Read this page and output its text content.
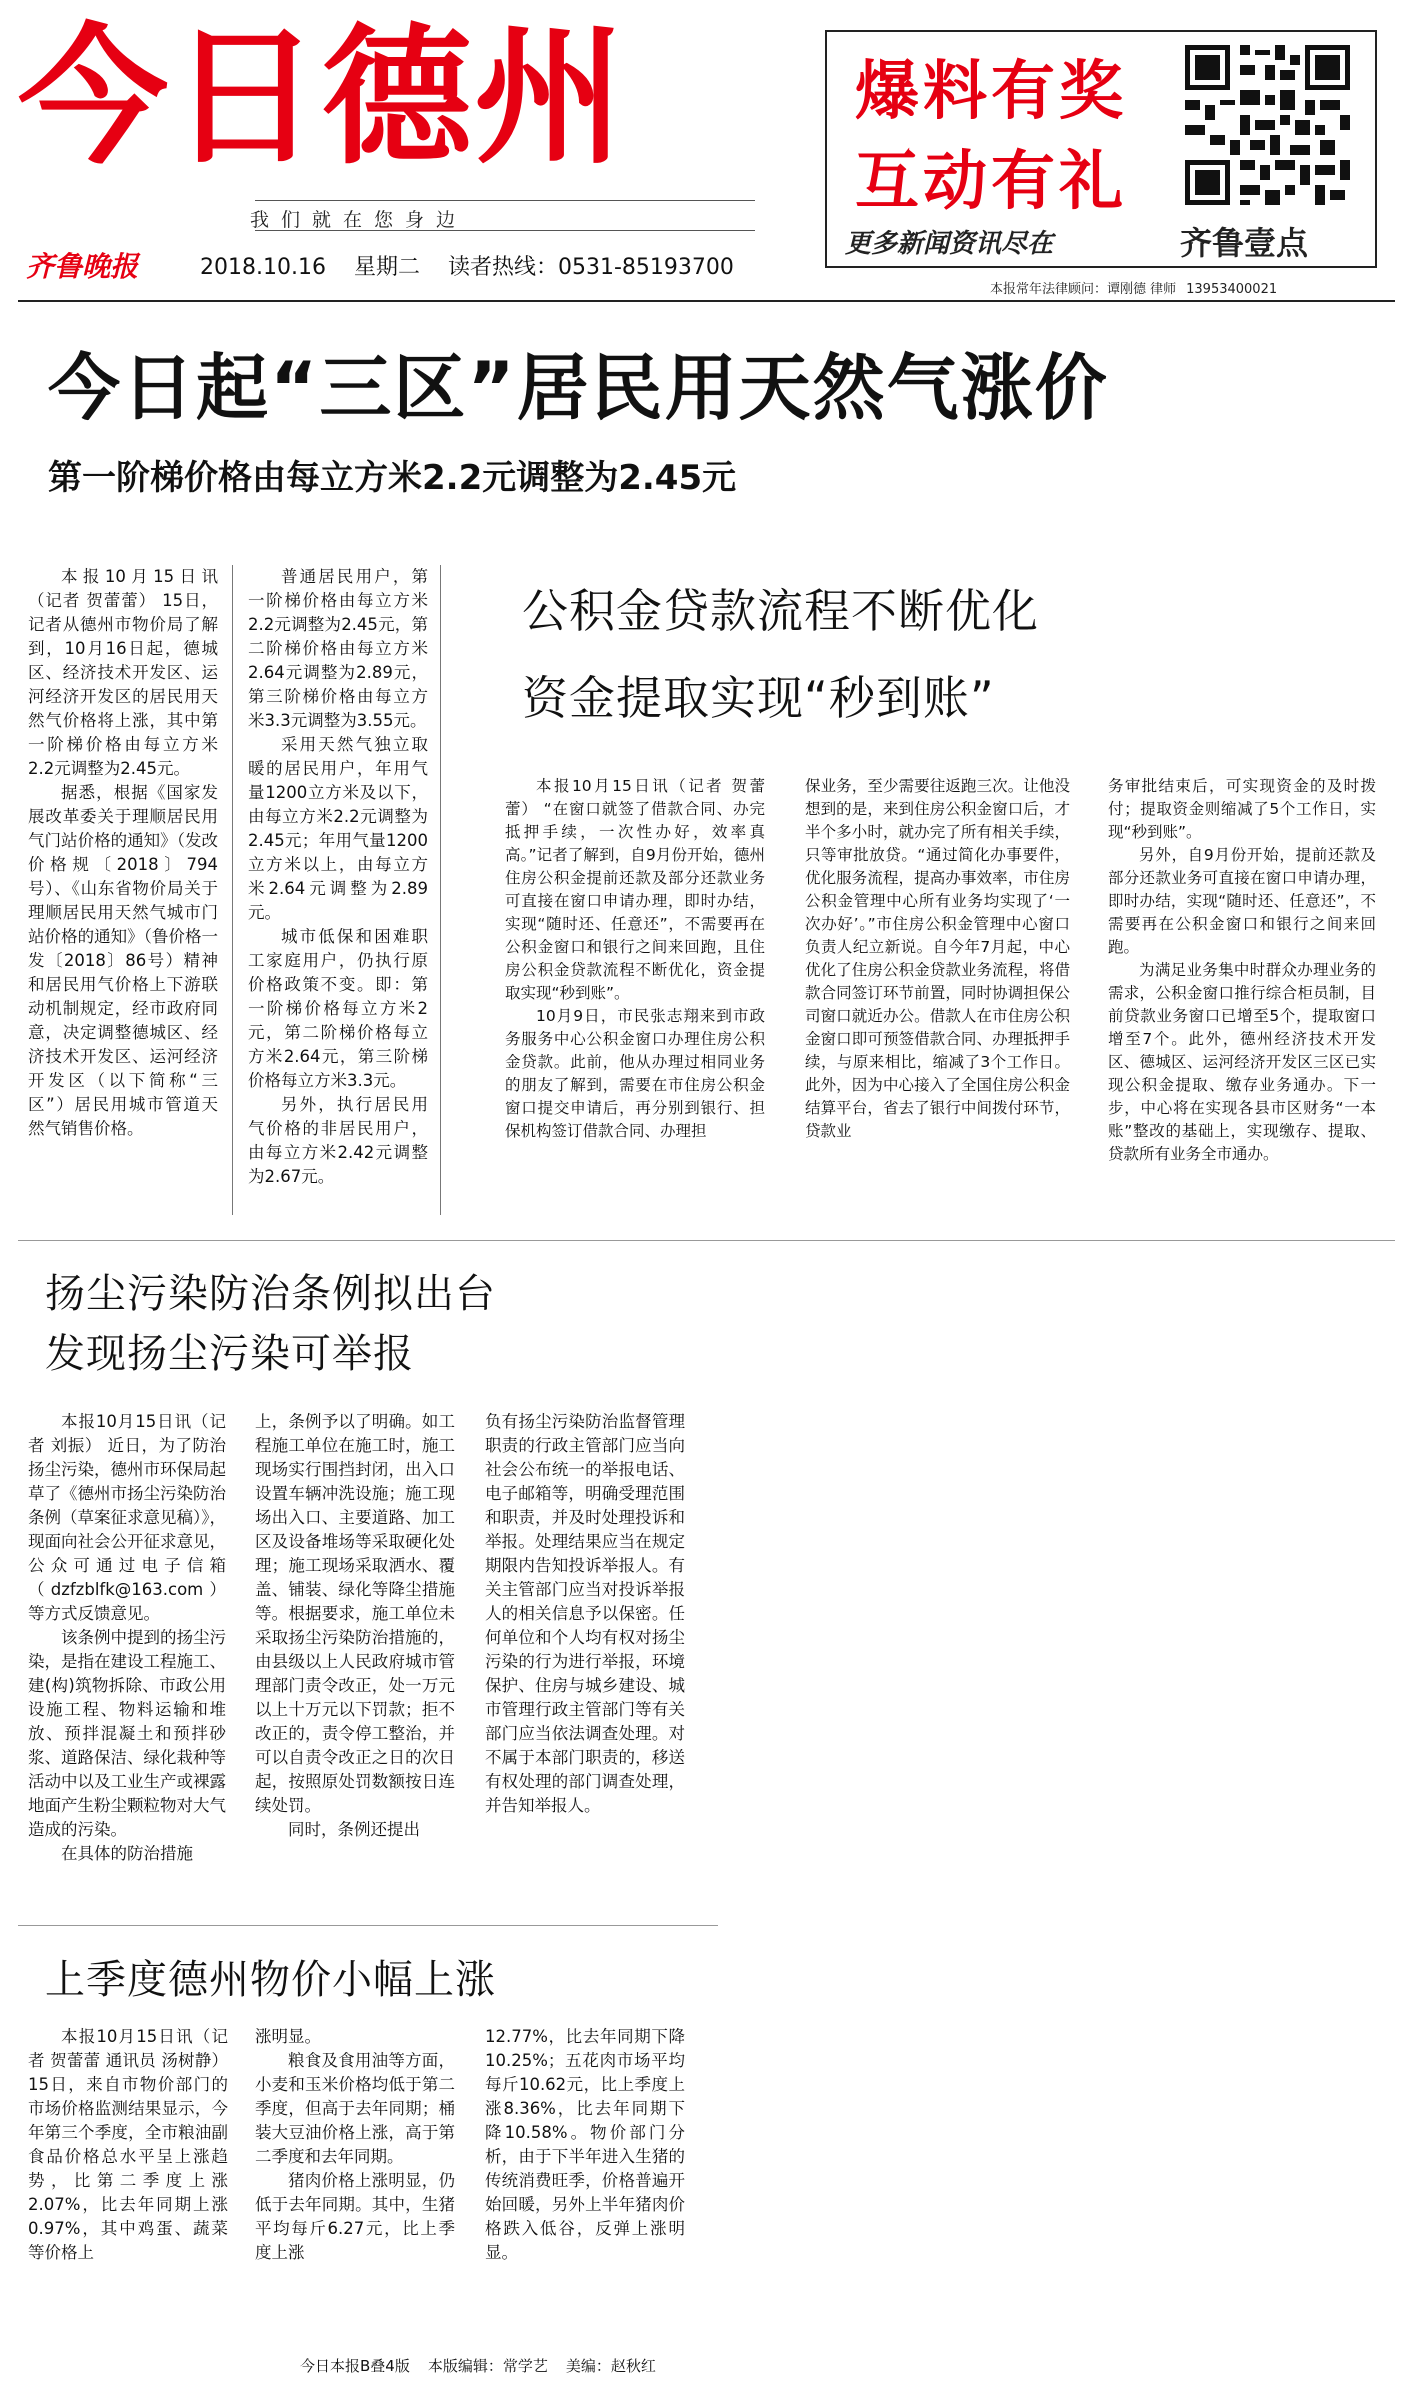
今日德州
我们就在您身边
齐鲁晚报	2018.10.16 星期二 读者热线：0531-85193700
爆料有奖
互动有礼
更多新闻资讯尽在	齐鲁壹点
本报常年法律顾问：谭刚德 律师 13953400021
今日起“三区”居民用天然气涨价
第一阶梯价格由每立方米2.2元调整为2.45元

本报10月15日讯（记者 贺蕾蕾） 15日，记者从德州市物价局了解到，10月16日起，德城区、经济技术开发区、运河经济开发区的居民用天然气价格将上涨，其中第一阶梯价格由每立方米2.2元调整为2.45元。

据悉，根据《国家发展改革委关于理顺居民用气门站价格的通知》（发改价格规〔2018〕794号）、《山东省物价局关于理顺居民用天然气城市门站价格的通知》（鲁价格一发〔2018〕86号）精神和居民用气价格上下游联动机制规定，经市政府同意，决定调整德城区、经济技术开发区、运河经济开发区（以下简称“三区”）居民用城市管道天然气销售价格。

普通居民用户，第一阶梯价格由每立方米2.2元调整为2.45元，第二阶梯价格由每立方米2.64元调整为2.89元，第三阶梯价格由每立方米3.3元调整为3.55元。

采用天然气独立取暖的居民用户，年用气量1200立方米及以下，由每立方米2.2元调整为2.45元；年用气量1200立方米以上，由每立方米2.64元调整为2.89元。

城市低保和困难职工家庭用户，仍执行原价格政策不变。即：第一阶梯价格每立方米2元，第二阶梯价格每立方米2.64元，第三阶梯价格每立方米3.3元。

另外，执行居民用气价格的非居民用户，由每立方米2.42元调整为2.67元。

公积金贷款流程不断优化
资金提取实现“秒到账”

本报10月15日讯（记者 贺蕾蕾） “在窗口就签了借款合同、办完抵押手续，一次性办好，效率真高。”记者了解到，自9月份开始，德州住房公积金提前还款及部分还款业务可直接在窗口申请办理，即时办结，实现“随时还、任意还”，不需要再在公积金窗口和银行之间来回跑，且住房公积金贷款流程不断优化，资金提取实现“秒到账”。

10月9日，市民张志翔来到市政务服务中心公积金窗口办理住房公积金贷款。此前，他从办理过相同业务的朋友了解到，需要在市住房公积金窗口提交申请后，再分别到银行、担保机构签订借款合同、办理担

保业务，至少需要往返跑三次。让他没想到的是，来到住房公积金窗口后，才半个多小时，就办完了所有相关手续，只等审批放贷。“通过简化办事要件，优化服务流程，提高办事效率，市住房公积金管理中心所有业务均实现了‘一次办好’。”市住房公积金管理中心窗口负责人纪立新说。自今年7月起，中心优化了住房公积金贷款业务流程，将借款合同签订环节前置，同时协调担保公司窗口就近办公。借款人在市住房公积金窗口即可预签借款合同、办理抵押手续，与原来相比，缩减了3个工作日。此外，因为中心接入了全国住房公积金结算平台，省去了银行中间拨付环节，贷款业

务审批结束后，可实现资金的及时拨付；提取资金则缩减了5个工作日，实现“秒到账”。

另外，自9月份开始，提前还款及部分还款业务可直接在窗口申请办理，即时办结，实现“随时还、任意还”，不需要再在公积金窗口和银行之间来回跑。

为满足业务集中时群众办理业务的需求，公积金窗口推行综合柜员制，目前贷款业务窗口已增至5个，提取窗口增至7个。此外，德州经济技术开发区、德城区、运河经济开发区三区已实现公积金提取、缴存业务通办。下一步，中心将在实现各县市区财务“一本账”整改的基础上，实现缴存、提取、贷款所有业务全市通办。

扬尘污染防治条例拟出台
发现扬尘污染可举报

本报10月15日讯（记者 刘振） 近日，为了防治扬尘污染，德州市环保局起草了《德州市扬尘污染防治条例（草案征求意见稿）》，现面向社会公开征求意见，公众可通过电子信箱（dzfzblfk@163.com）等方式反馈意见。

该条例中提到的扬尘污染，是指在建设工程施工、建(构)筑物拆除、市政公用设施工程、物料运输和堆放、预拌混凝土和预拌砂浆、道路保洁、绿化栽种等活动中以及工业生产或裸露地面产生粉尘颗粒物对大气造成的污染。

在具体的防治措施

上，条例予以了明确。如工程施工单位在施工时，施工现场实行围挡封闭，出入口设置车辆冲洗设施；施工现场出入口、主要道路、加工区及设备堆场等采取硬化处理；施工现场采取洒水、覆盖、铺装、绿化等降尘措施等。根据要求，施工单位未采取扬尘污染防治措施的，由县级以上人民政府城市管理部门责令改正，处一万元以上十万元以下罚款；拒不改正的，责令停工整治，并可以自责令改正之日的次日起，按照原处罚数额按日连续处罚。

同时，条例还提出

负有扬尘污染防治监督管理职责的行政主管部门应当向社会公布统一的举报电话、电子邮箱等，明确受理范围和职责，并及时处理投诉和举报。处理结果应当在规定期限内告知投诉举报人。有关主管部门应当对投诉举报人的相关信息予以保密。任何单位和个人均有权对扬尘污染的行为进行举报，环境保护、住房与城乡建设、城市管理行政主管部门等有关部门应当依法调查处理。对不属于本部门职责的，移送有权处理的部门调查处理，并告知举报人。

上季度德州物价小幅上涨

本报10月15日讯（记者 贺蕾蕾 通讯员 汤树静） 15日，来自市物价部门的市场价格监测结果显示，今年第三个季度，全市粮油副食品价格总水平呈上涨趋势，比第二季度上涨2.07%，比去年同期上涨0.97%，其中鸡蛋、蔬菜等价格上

涨明显。

粮食及食用油等方面，小麦和玉米价格均低于第二季度，但高于去年同期；桶装大豆油价格上涨，高于第二季度和去年同期。

猪肉价格上涨明显，仍低于去年同期。其中，生猪平均每斤6.27元，比上季度上涨

12.77%，比去年同期下降10.25%；五花肉市场平均每斤10.62元，比上季度上涨8.36%，比去年同期下降10.58%。物价部门分析，由于下半年进入生猪的传统消费旺季，价格普遍开始回暖，另外上半年猪肉价格跌入低谷，反弹上涨明显。

今日本报B叠4版 本版编辑：常学艺 美编：赵秋红
